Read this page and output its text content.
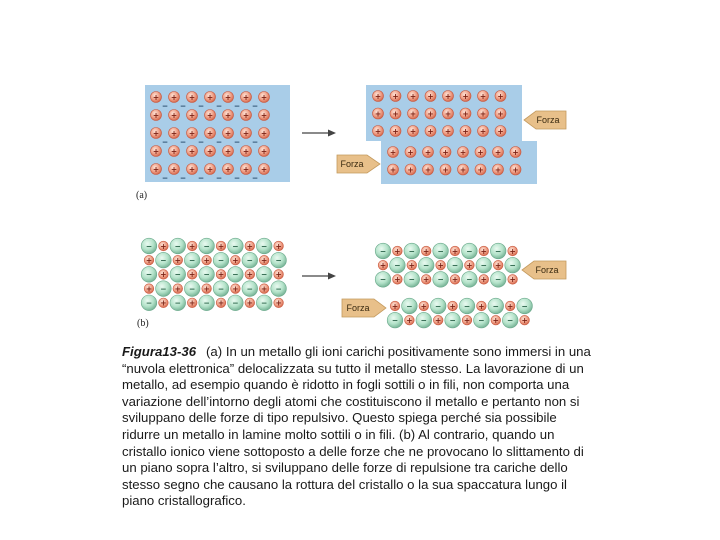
+
−
+
−
+
−
+
−
+
−
+
−
+
+ + + + + + +
+
−
+
−
+
−
+
−
+
−
+
−
+
+ + + + + + +
+
−
+
−
+
−
+
−
+
−
+
−
+
+ + + + + + + +
+ + + + + + + +
+ + + + + + + +
+ + + + + + + +
+ + + + + + + +
Forza
Forza
(a)
− + − + − + − + − +
+ − + − + − + − + −
− + − + − + − + − +
+ − + − + − + − + −
− + − + − + − + − +
− + − + − + − + − +
+ − + − + − + − + −
− + − + − + − + − +
+ − + − + − + − + −
− + − + − + − + − +
Forza
Forza
(b)
Figura13-36 (a) In un metallo gli ioni carichi positivamente sono immersi in una “nuvola elettronica” delocalizzata su tutto il metallo stesso. La lavorazione di un metallo, ad esempio quando è ridotto in fogli sottili o in fili, non comporta una variazione dell’intorno degli atomi che costituiscono il metallo e pertanto non si sviluppano delle forze di tipo repulsivo. Questo spiega perché sia possibile ridurre un metallo in lamine molto sottili o in fili. (b) Al contrario, quando un cristallo ionico viene sottoposto a delle forze che ne provocano lo slittamento di un piano sopra l’altro, si sviluppano delle forze di repulsione tra cariche dello stesso segno che causano la rottura del cristallo o la sua spaccatura lungo il piano cristallografico.
